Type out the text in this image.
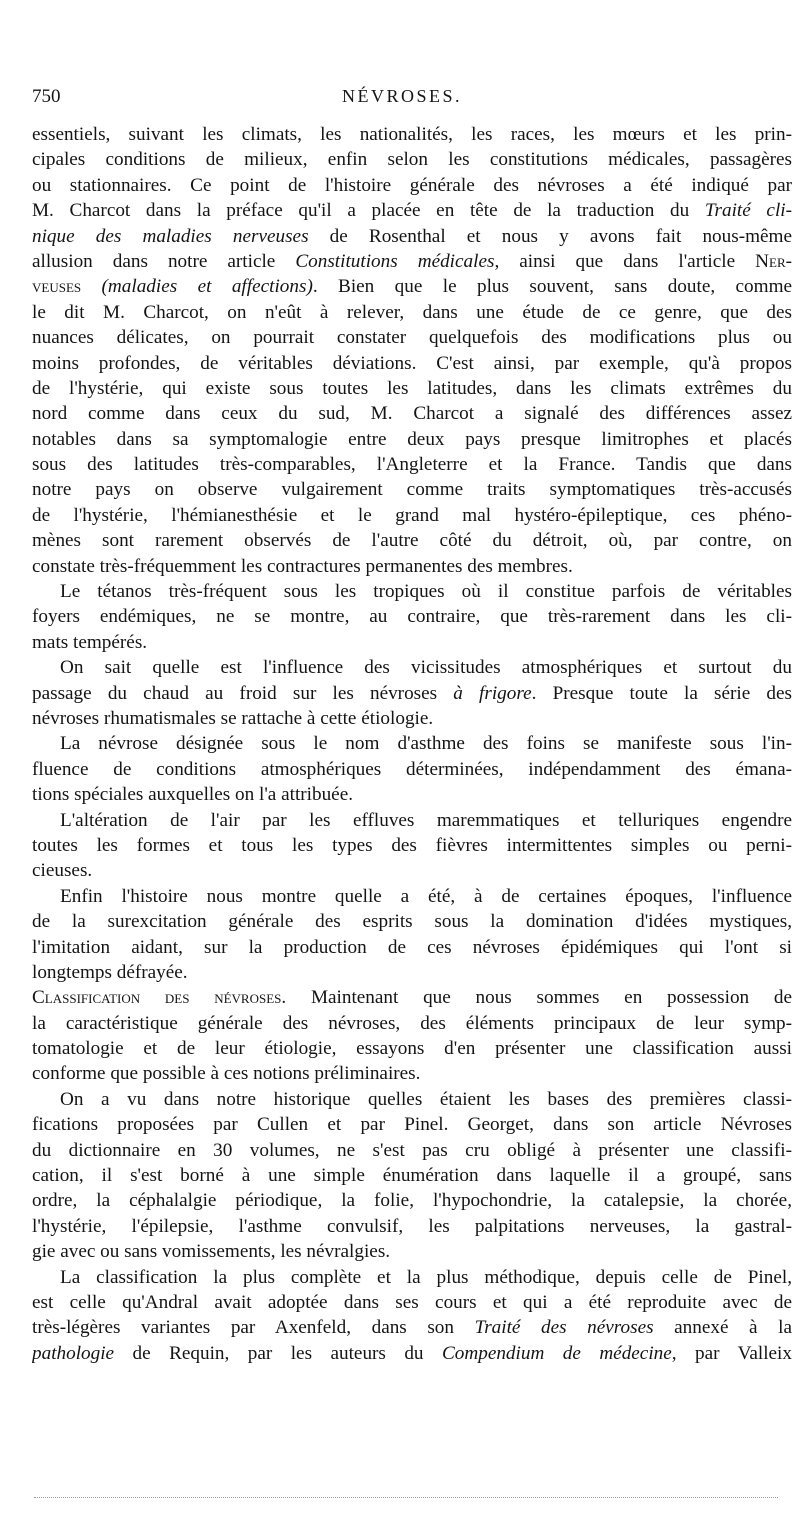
750	NÉVROSES.
essentiels, suivant les climats, les nationalités, les races, les mœurs et les prin-
cipales conditions de milieux, enfin selon les constitutions médicales, passagères
ou stationnaires. Ce point de l'histoire générale des névroses a été indiqué par
M. Charcot dans la préface qu'il a placée en tête de la traduction du Traité cli-
nique des maladies nerveuses de Rosenthal et nous y avons fait nous-même
allusion dans notre article Constitutions médicales, ainsi que dans l'article Ner-
veuses (maladies et affections). Bien que le plus souvent, sans doute, comme
le dit M. Charcot, on n'eût à relever, dans une étude de ce genre, que des
nuances délicates, on pourrait constater quelquefois des modifications plus ou
moins profondes, de véritables déviations. C'est ainsi, par exemple, qu'à propos
de l'hystérie, qui existe sous toutes les latitudes, dans les climats extrêmes du
nord comme dans ceux du sud, M. Charcot a signalé des différences assez
notables dans sa symptomalogie entre deux pays presque limitrophes et placés
sous des latitudes très-comparables, l'Angleterre et la France. Tandis que dans
notre pays on observe vulgairement comme traits symptomatiques très-accusés
de l'hystérie, l'hémianesthésie et le grand mal hystéro-épileptique, ces phéno-
mènes sont rarement observés de l'autre côté du détroit, où, par contre, on
constate très-fréquemment les contractures permanentes des membres.
Le tétanos très-fréquent sous les tropiques où il constitue parfois de véritables
foyers endémiques, ne se montre, au contraire, que très-rarement dans les cli-
mats tempérés.
On sait quelle est l'influence des vicissitudes atmosphériques et surtout du
passage du chaud au froid sur les névroses à frigore. Presque toute la série des
névroses rhumatismales se rattache à cette étiologie.
La névrose désignée sous le nom d'asthme des foins se manifeste sous l'in-
fluence de conditions atmosphériques déterminées, indépendamment des émana-
tions spéciales auxquelles on l'a attribuée.
L'altération de l'air par les effluves maremmatiques et telluriques engendre
toutes les formes et tous les types des fièvres intermittentes simples ou perni-
cieuses.
Enfin l'histoire nous montre quelle a été, à de certaines époques, l'influence
de la surexcitation générale des esprits sous la domination d'idées mystiques,
l'imitation aidant, sur la production de ces névroses épidémiques qui l'ont si
longtemps défrayée.
Classification des névroses. Maintenant que nous sommes en possession de
la caractéristique générale des névroses, des éléments principaux de leur symp-
tomatologie et de leur étiologie, essayons d'en présenter une classification aussi
conforme que possible à ces notions préliminaires.
On a vu dans notre historique quelles étaient les bases des premières classi-
fications proposées par Cullen et par Pinel. Georget, dans son article Névroses
du dictionnaire en 30 volumes, ne s'est pas cru obligé à présenter une classifi-
cation, il s'est borné à une simple énumération dans laquelle il a groupé, sans
ordre, la céphalalgie périodique, la folie, l'hypochondrie, la catalepsie, la chorée,
l'hystérie, l'épilepsie, l'asthme convulsif, les palpitations nerveuses, la gastral-
gie avec ou sans vomissements, les névralgies.
La classification la plus complète et la plus méthodique, depuis celle de Pinel,
est celle qu'Andral avait adoptée dans ses cours et qui a été reproduite avec de
très-légères variantes par Axenfeld, dans son Traité des névroses annexé à la
pathologie de Requin, par les auteurs du Compendium de médecine, par Valleix
